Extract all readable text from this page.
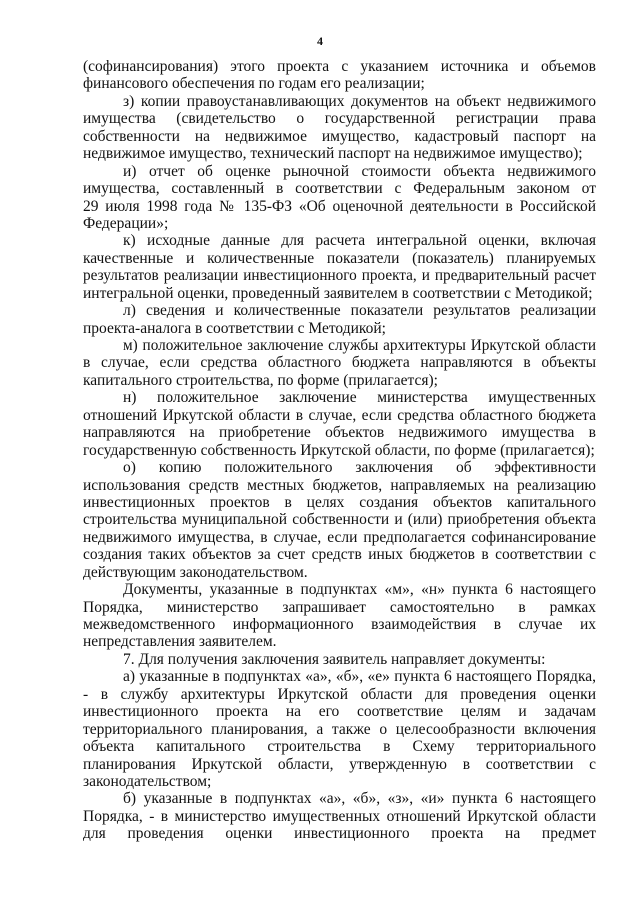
4
(софинансирования) этого проекта с указанием источника и объемов
финансового обеспечения по годам его реализации;
з) копии правоустанавливающих документов на объект недвижимого
имущества (свидетельство о государственной регистрации права
собственности на недвижимое имущество, кадастровый паспорт на
недвижимое имущество, технический паспорт на недвижимое имущество);
и) отчет об оценке рыночной стоимости объекта недвижимого
имущества, составленный в соответствии с Федеральным законом от
29 июля 1998 года № 135-ФЗ «Об оценочной деятельности в Российской
Федерации»;
к) исходные данные для расчета интегральной оценки, включая
качественные и количественные показатели (показатель) планируемых
результатов реализации инвестиционного проекта, и предварительный расчет
интегральной оценки, проведенный заявителем в соответствии с Методикой;
л) сведения и количественные показатели результатов реализации
проекта-аналога в соответствии с Методикой;
м) положительное заключение службы архитектуры Иркутской области
в случае, если средства областного бюджета направляются в объекты
капитального строительства, по форме (прилагается);
н) положительное заключение министерства имущественных
отношений Иркутской области в случае, если средства областного бюджета
направляются на приобретение объектов недвижимого имущества в
государственную собственность Иркутской области, по форме (прилагается);
о) копию положительного заключения об эффективности
использования средств местных бюджетов, направляемых на реализацию
инвестиционных проектов в целях создания объектов капитального
строительства муниципальной собственности и (или) приобретения объекта
недвижимого имущества, в случае, если предполагается софинансирование
создания таких объектов за счет средств иных бюджетов в соответствии с
действующим законодательством.
Документы, указанные в подпунктах «м», «н» пункта 6 настоящего
Порядка, министерство запрашивает самостоятельно в рамках
межведомственного информационного взаимодействия в случае их
непредставления заявителем.
7. Для получения заключения заявитель направляет документы:
а) указанные в подпунктах «а», «б», «е» пункта 6 настоящего Порядка,
- в службу архитектуры Иркутской области для проведения оценки
инвестиционного проекта на его соответствие целям и задачам
территориального планирования, а также о целесообразности включения
объекта капитального строительства в Схему территориального
планирования Иркутской области, утвержденную в соответствии с
законодательством;
б) указанные в подпунктах «а», «б», «з», «и» пункта 6 настоящего
Порядка, - в министерство имущественных отношений Иркутской области
для проведения оценки инвестиционного проекта на предмет
